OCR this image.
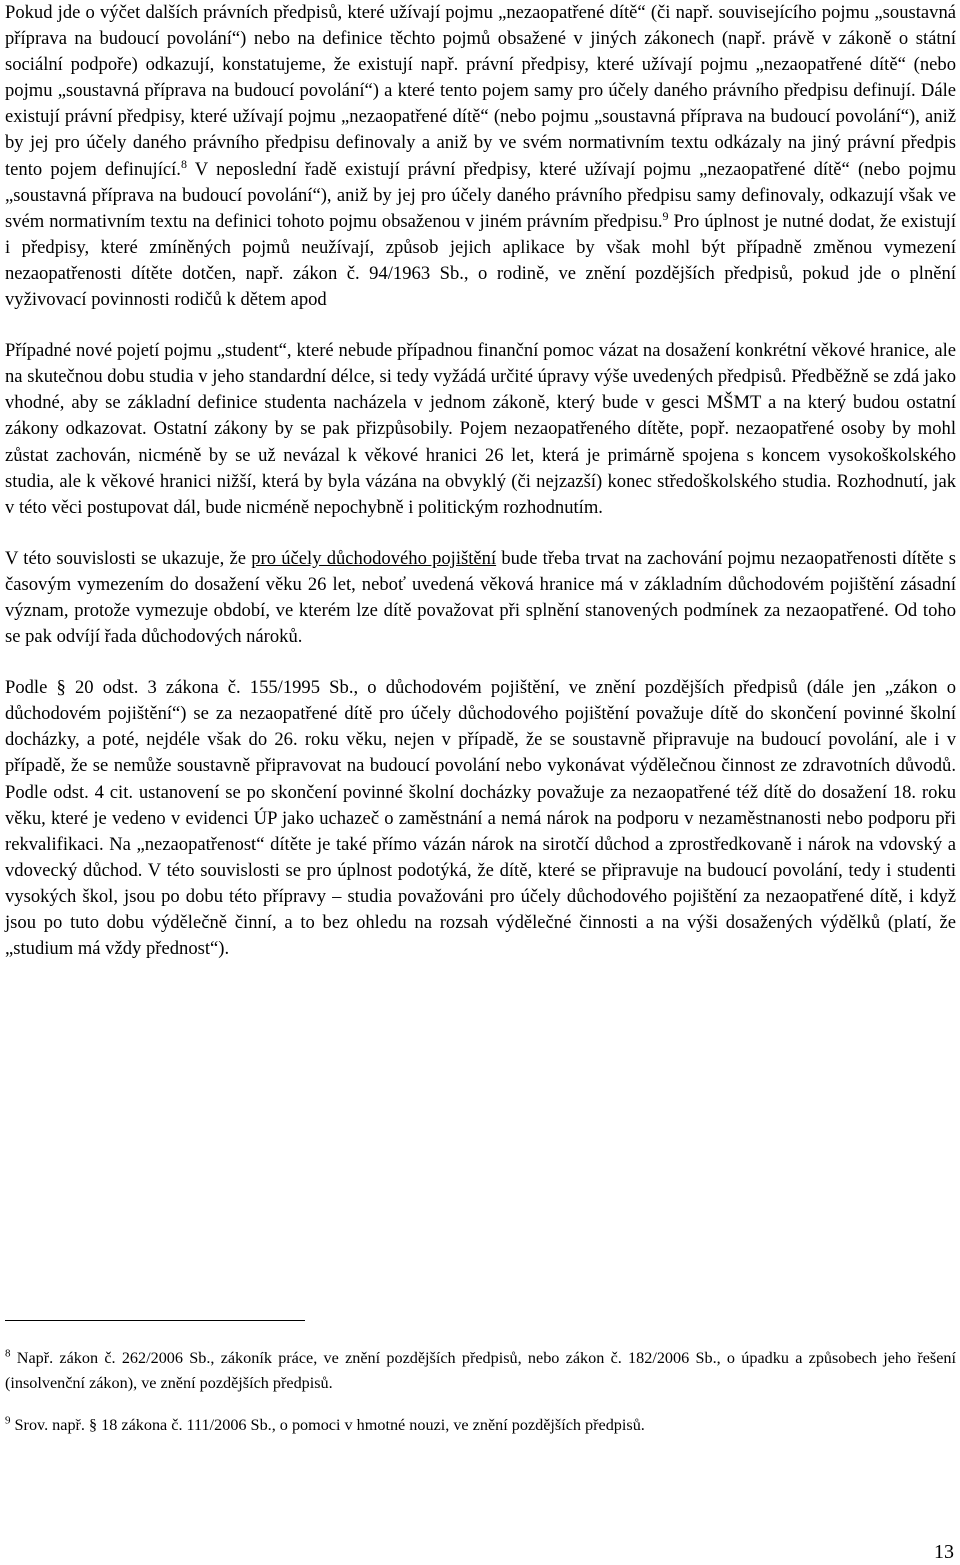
Pokud jde o výčet dalších právních předpisů, které užívají pojmu „nezaopatřené dítě“ (či např. souvisejícího pojmu „soustavná příprava na budoucí povolání“) nebo na definice těchto pojmů obsažené v jiných zákonech (např. právě v zákoně o státní sociální podpoře) odkazují, konstatujeme, že existují např. právní předpisy, které užívají pojmu „nezaopatřené dítě“ (nebo pojmu „soustavná příprava na budoucí povolání“) a které tento pojem samy pro účely daného právního předpisu definují. Dále existují právní předpisy, které užívají pojmu „nezaopatřené dítě“ (nebo pojmu „soustavná příprava na budoucí povolání“), aniž by jej pro účely daného právního předpisu definovaly a aniž by ve svém normativním textu odkázaly na jiný právní předpis tento pojem definující.$^8$ V neposlední řadě existují právní předpisy, které užívají pojmu „nezaopatřené dítě“ (nebo pojmu „soustavná příprava na budoucí povolání“), aniž by jej pro účely daného právního předpisu samy definovaly, odkazují však ve svém normativním textu na definici tohoto pojmu obsaženou v jiném právním předpisu.$^9$ Pro úplnost je nutné dodat, že existují i předpisy, které zmíněných pojmů neužívají, způsob jejich aplikace by však mohl být případně změnou vymezení nezaopatřenosti dítěte dotčen, např. zákon č. 94/1963 Sb., o rodině, ve znění pozdějších předpisů, pokud jde o plnění vyživovací povinnosti rodičů k dětem apod

Případné nové pojetí pojmu „student“, které nebude případnou finanční pomoc vázat na dosažení konkrétní věkové hranice, ale na skutečnou dobu studia v jeho standardní délce, si tedy vyžádá určité úpravy výše uvedených předpisů. Předběžně se zdá jako vhodné, aby se základní definice studenta nacházela v jednom zákoně, který bude v gesci MŠMT a na který budou ostatní zákony odkazovat. Ostatní zákony by se pak přizpůsobily. Pojem nezaopatřeného dítěte, popř. nezaopatřené osoby by mohl zůstat zachován, nicméně by se už nevázal k věkové hranici 26 let, která je primárně spojena s koncem vysokoškolského studia, ale k věkové hranici nižší, která by byla vázána na obvyklý (či nejzazší) konec středoškolského studia. Rozhodnutí, jak v této věci postupovat dál, bude nicméně nepochybně i politickým rozhodnutím.

V této souvislosti se ukazuje, že pro účely důchodového pojištění bude třeba trvat na zachování pojmu nezaopatřenosti dítěte s časovým vymezením do dosažení věku 26 let, neboť uvedená věková hranice má v základním důchodovém pojištění zásadní význam, protože vymezuje období, ve kterém lze dítě považovat při splnění stanovených podmínek za nezaopatřené. Od toho se pak odvíjí řada důchodových nároků.

Podle § 20 odst. 3 zákona č. 155/1995 Sb., o důchodovém pojištění, ve znění pozdějších předpisů (dále jen „zákon o důchodovém pojištění“) se za nezaopatřené dítě pro účely důchodového pojištění považuje dítě do skončení povinné školní docházky, a poté, nejdéle však do 26. roku věku, nejen v případě, že se soustavně připravuje na budoucí povolání, ale i v případě, že se nemůže soustavně připravovat na budoucí povolání nebo vykonávat výdělečnou činnost ze zdravotních důvodů. Podle odst. 4 cit. ustanovení se po skončení povinné školní docházky považuje za nezaopatřené též dítě do dosažení 18. roku věku, které je vedeno v evidenci ÚP jako uchazeč o zaměstnání a nemá nárok na podporu v nezaměstnanosti nebo podporu při rekvalifikaci. Na „nezaopatřenost“ dítěte je také přímo vázán nárok na sirotčí důchod a zprostředkovaně i nárok na vdovský a vdovecký důchod. V této souvislosti se pro úplnost podotýká, že dítě, které se připravuje na budoucí povolání, tedy i studenti vysokých škol, jsou po dobu této přípravy – studia považováni pro účely důchodového pojištění za nezaopatřené dítě, i když jsou po tuto dobu výdělečně činní, a to bez ohledu na rozsah výdělečné činnosti a na výši dosažených výdělků (platí, že „studium má vždy přednost“).

$^8$ Např. zákon č. 262/2006 Sb., zákoník práce, ve znění pozdějších předpisů, nebo zákon č. 182/2006 Sb., o úpadku a způsobech jeho řešení (insolvenční zákon), ve znění pozdějších předpisů.

$^9$ Srov. např. § 18 zákona č. 111/2006 Sb., o pomoci v hmotné nouzi, ve znění pozdějších předpisů.

13
